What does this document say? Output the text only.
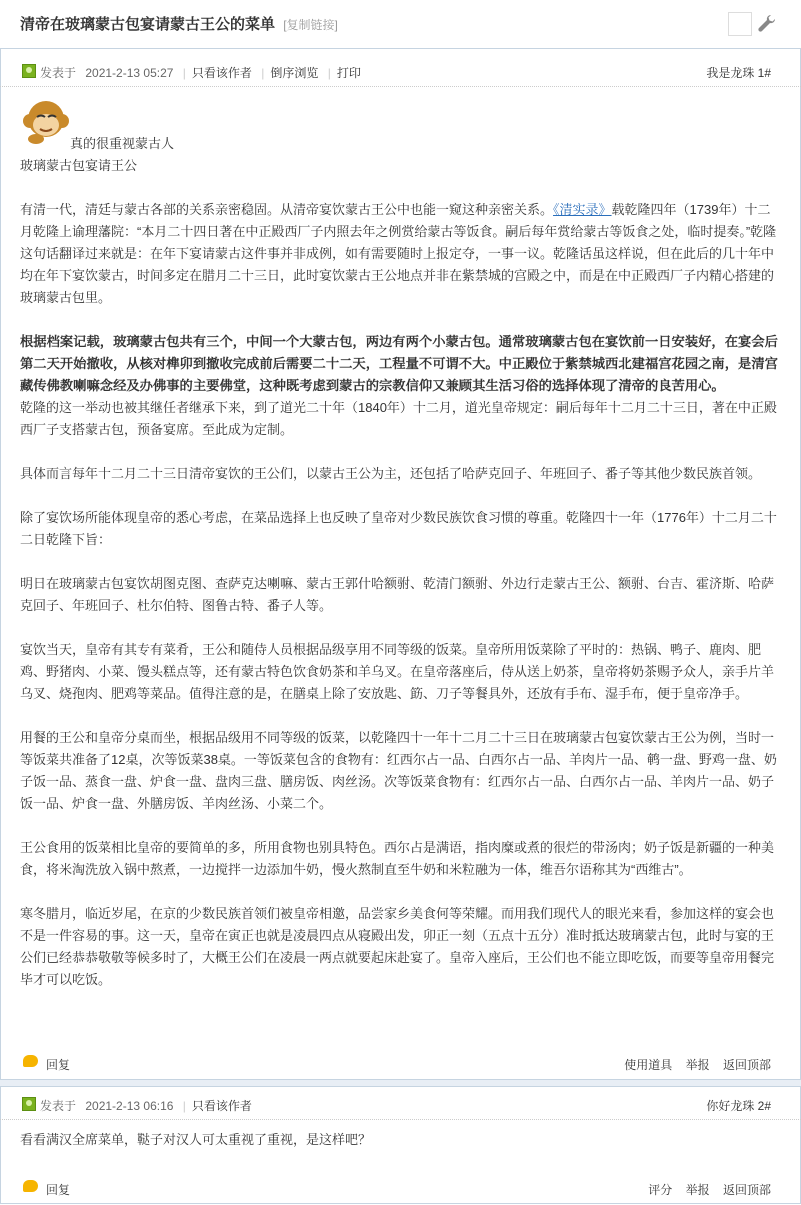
清帝在玻璃蒙古包宴请蒙古王公的菜单 [复制链接]
发表于 2021-2-13 05:27 | 只看该作者 | 倒序浏览 | 打印	我是龙珠 1#

真的很重视蒙古人

玻璃蒙古包宴请王公

有清一代，清廷与蒙古各部的关系亲密稳固。从清帝宴饮蒙古王公中也能一窥这种亲密关系。《清实录》载乾隆四年（1739年）十二月乾隆上谕理藩院：“本月二十四日著在中正殿西厂子内照去年之例赏给蒙古等饭食。嗣后每年赏给蒙古等饭食之处，临时提奏。”乾隆这句话翻译过来就是：在年下宴请蒙古这件事并非成例，如有需要随时上报定夺，一事一议。乾隆话虽这样说，但在此后的几十年中均在年下宴饮蒙古，时间多定在腊月二十三日，此时宴饮蒙古王公地点并非在紫禁城的宫殿之中，而是在中正殿西厂子内精心搭建的玻璃蒙古包里。

根据档案记载，玻璃蒙古包共有三个，中间一个大蒙古包，两边有两个小蒙古包。通常玻璃蒙古包在宴饮前一日安装好，在宴会后第二天开始撤收，从核对榫卯到撤收完成前后需要二十二天，工程量不可谓不大。中正殿位于紫禁城西北建福宫花园之南，是清宫藏传佛教喇嘛念经及办佛事的主要佛堂，这种既考虑到蒙古的宗教信仰又兼顾其生活习俗的选择体现了清帝的良苦用心。

乾隆的这一举动也被其继任者继承下来，到了道光二十年（1840年）十二月，道光皇帝规定：嗣后每年十二月二十三日，著在中正殿西厂子支搭蒙古包，预备宴席。至此成为定制。

具体而言每年十二月二十三日清帝宴饮的王公们，以蒙古王公为主，还包括了哈萨克回子、年班回子、番子等其他少数民族首领。

除了宴饮场所能体现皇帝的悉心考虑，在菜品选择上也反映了皇帝对少数民族饮食习惯的尊重。乾隆四十一年（1776年）十二月二十二日乾隆下旨：

明日在玻璃蒙古包宴饮胡图克图、查萨克达喇嘛、蒙古王郭什哈额驸、乾清门额驸、外边行走蒙古王公、额驸、台吉、霍济斯、哈萨克回子、年班回子、杜尔伯特、图鲁古特、番子人等。

宴饮当天，皇帝有其专有菜肴，王公和随侍人员根据品级享用不同等级的饭菜。皇帝所用饭菜除了平时的：热锅、鸭子、鹿肉、肥鸡、野猪肉、小菜、馒头糕点等，还有蒙古特色饮食奶茶和羊乌叉。在皇帝落座后，侍从送上奶茶，皇帝将奶茶赐予众人，亲手片羊乌叉、烧孢肉、肥鸡等菜品。值得注意的是，在膳桌上除了安放匙、筯、刀子等餐具外，还放有手布、湿手布，便于皇帝净手。

用餐的王公和皇帝分桌而坐，根据品级用不同等级的饭菜，以乾隆四十一年十二月二十三日在玻璃蒙古包宴饮蒙古王公为例，当时一等饭菜共准备了12桌，次等饭菜38桌。一等饭菜包含的食物有：红西尔占一品、白西尔占一品、羊肉片一品、鹌一盘、野鸡一盘、奶子饭一品、蒸食一盘、炉食一盘、盘肉三盘、膳房饭、肉丝汤。次等饭菜食物有：红西尔占一品、白西尔占一品、羊肉片一品、奶子饭一品、炉食一盘、外膳房饭、羊肉丝汤、小菜二个。

王公食用的饭菜相比皇帝的要简单的多，所用食物也别具特色。西尔占是满语，指肉糜或煮的很烂的带汤肉；奶子饭是新疆的一种美食，将米淘洗放入锅中熬煮，一边搅拌一边添加牛奶，慢火熬制直至牛奶和米粒融为一体，维吾尔语称其为“西维古”。

寒冬腊月，临近岁尾，在京的少数民族首领们被皇帝相邀，品尝家乡美食何等荣耀。而用我们现代人的眼光来看，参加这样的宴会也不是一件容易的事。这一天，皇帝在寅正也就是凌晨四点从寝殿出发，卯正一刻（五点十五分）准时抵达玻璃蒙古包，此时与宴的王公们已经恭恭敬敬等候多时了，大概王公们在凌晨一两点就要起床赴宴了。皇帝入座后，王公们也不能立即吃饭，而要等皇帝用餐完毕才可以吃饭。

回复	使用道具 举报 返回顶部
发表于 2021-2-13 06:16 | 只看该作者	你好龙珠 2#

看看满汉全席菜单，鞑子对汉人可太重视了重视，是这样吧？

回复	评分 举报 返回顶部
